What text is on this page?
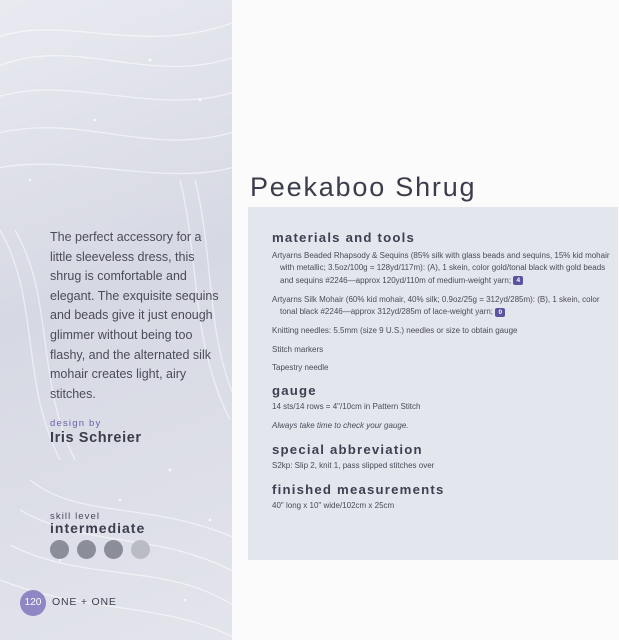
The perfect accessory for a little sleeveless dress, this shrug is comfortable and elegant. The exquisite sequins and beads give it just enough glimmer without being too flashy, and the alternated silk mohair creates light, airy stitches.

design by
Iris Schreier
skill level
intermediate
120	ONE + ONE
Peekaboo Shrug
materials and tools

Artyarns Beaded Rhapsody & Sequins (85% silk with glass beads and sequins, 15% kid mohair with metallic; 3.5oz/100g = 128yd/117m): (A), 1 skein, color gold/tonal black with gold beads and sequins #2246—approx 120yd/110m of medium-weight yarn; 4

Artyarns Silk Mohair (60% kid mohair, 40% silk; 0.9oz/25g = 312yd/285m): (B), 1 skein, color tonal black #2246—approx 312yd/285m of lace-weight yarn; 0

Knitting needles: 5.5mm (size 9 U.S.) needles or size to obtain gauge

Stitch markers

Tapestry needle

gauge

14 sts/14 rows = 4"/10cm in Pattern Stitch

Always take time to check your gauge.

special abbreviation

S2kp: Slip 2, knit 1, pass slipped stitches over

finished measurements

40" long x 10" wide/102cm x 25cm
